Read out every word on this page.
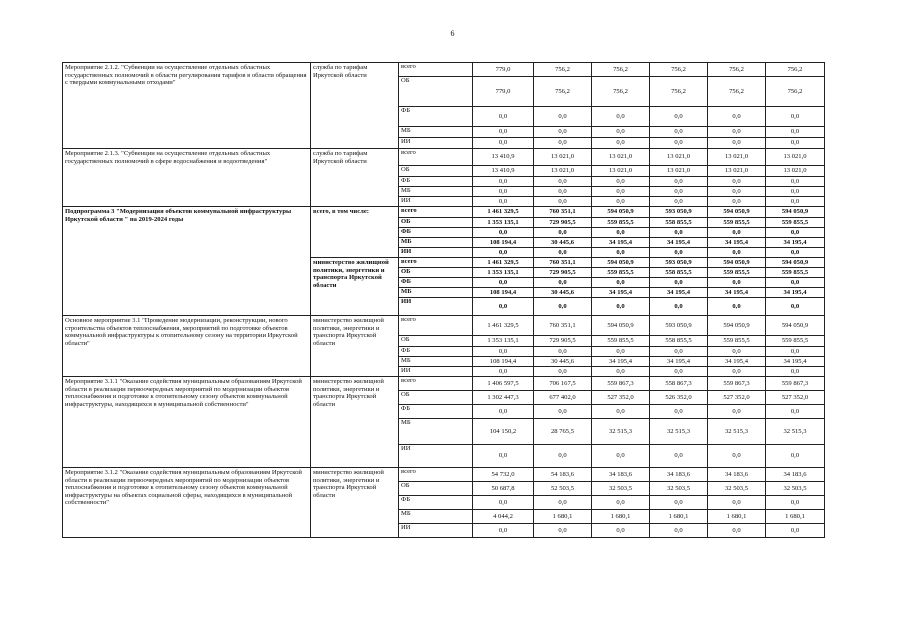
6
Мероприятие 2.1.2. "Субвенции на осуществление отдельных областных государственных полномочий в области регулирования тарифов в области обращения с твердыми коммунальными отходами"	служба по тарифам Иркутской области	всего	779,0	756,2	756,2	756,2	756,2	756,2
		ОБ	779,0	756,2	756,2	756,2	756,2	756,2
		ФБ	0,0	0,0	0,0	0,0	0,0	0,0
		МБ	0,0	0,0	0,0	0,0	0,0	0,0
		ИИ	0,0	0,0	0,0	0,0	0,0	0,0
Мероприятие 2.1.3. "Субвенции на осуществление отдельных областных государственных полномочий в сфере водоснабжения и водоотведения"	служба по тарифам Иркутской области	всего	13 410,9	13 021,0	13 021,0	13 021,0	13 021,0	13 021,0
		ОБ	13 410,9	13 021,0	13 021,0	13 021,0	13 021,0	13 021,0
		ФБ	0,0	0,0	0,0	0,0	0,0	0,0
		МБ	0,0	0,0	0,0	0,0	0,0	0,0
		ИИ	0,0	0,0	0,0	0,0	0,0	0,0
Подпрограмма 3 "Модернизация объектов коммунальной инфраструктуры Иркутской области " на 2019-2024 годы	всего, в том числе:	всего	1 461 329,5	760 351,1	594 050,9	593 050,9	594 050,9	594 050,9
		ОБ	1 353 135,1	729 905,5	559 855,5	558 855,5	559 855,5	559 855,5
		ФБ	0,0	0,0	0,0	0,0	0,0	0,0
		МБ	108 194,4	30 445,6	34 195,4	34 195,4	34 195,4	34 195,4
		ИИ	0,0	0,0	0,0	0,0	0,0	0,0
	министерство жилищной политики, энергетики и транспорта Иркутской области	всего	1 461 329,5	760 351,1	594 050,9	593 050,9	594 050,9	594 050,9
		ОБ	1 353 135,1	729 905,5	559 855,5	558 855,5	559 855,5	559 855,5
		ФБ	0,0	0,0	0,0	0,0	0,0	0,0
		МБ	108 194,4	30 445,6	34 195,4	34 195,4	34 195,4	34 195,4
		ИИ	0,0	0,0	0,0	0,0	0,0	0,0
Основное мероприятие 3.1 "Проведение модернизации, реконструкции, нового строительства объектов теплоснабжения, мероприятий по подготовке объектов коммунальной инфраструктуры к отопительному сезону на территории Иркутской области"	министерство жилищной политики, энергетики и транспорта Иркутской области	всего	1 461 329,5	760 351,1	594 050,9	593 050,9	594 050,9	594 050,9
		ОБ	1 353 135,1	729 905,5	559 855,5	558 855,5	559 855,5	559 855,5
		ФБ	0,0	0,0	0,0	0,0	0,0	0,0
		МБ	108 194,4	30 445,6	34 195,4	34 195,4	34 195,4	34 195,4
		ИИ	0,0	0,0	0,0	0,0	0,0	0,0
Мероприятие 3.1.1 "Оказание содействия муниципальным образованиям Иркутской области в реализации первоочередных мероприятий по модернизации объектов теплоснабжения и подготовке к отопительному сезону объектов коммунальной инфраструктуры, находящихся в муниципальной собственности"	министерство жилищной политики, энергетики и транспорта Иркутской области	всего	1 406 597,5	706 167,5	559 867,3	558 867,3	559 867,3	559 867,3
		ОБ	1 302 447,3	677 402,0	527 352,0	526 352,0	527 352,0	527 352,0
		ФБ	0,0	0,0	0,0	0,0	0,0	0,0
		МБ	104 150,2	28 765,5	32 515,3	32 515,3	32 515,3	32 515,3
		ИИ	0,0	0,0	0,0	0,0	0,0	0,0
Мероприятие 3.1.2 "Оказание содействия муниципальным образованиям Иркутской области в реализации первоочередных мероприятий по модернизации объектов теплоснабжения и подготовке к отопительному сезону объектов коммунальной инфраструктуры на объектах социальной сферы, находящихся в муниципальной собственности"	министерство жилищной политики, энергетики и транспорта Иркутской области	всего	54 732,0	54 183,6	34 183,6	34 183,6	34 183,6	34 183,6
		ОБ	50 687,8	52 503,5	32 503,5	32 503,5	32 503,5	32 503,5
		ФБ	0,0	0,0	0,0	0,0	0,0	0,0
		МБ	4 044,2	1 680,1	1 680,1	1 680,1	1 680,1	1 680,1
		ИИ	0,0	0,0	0,0	0,0	0,0	0,0
